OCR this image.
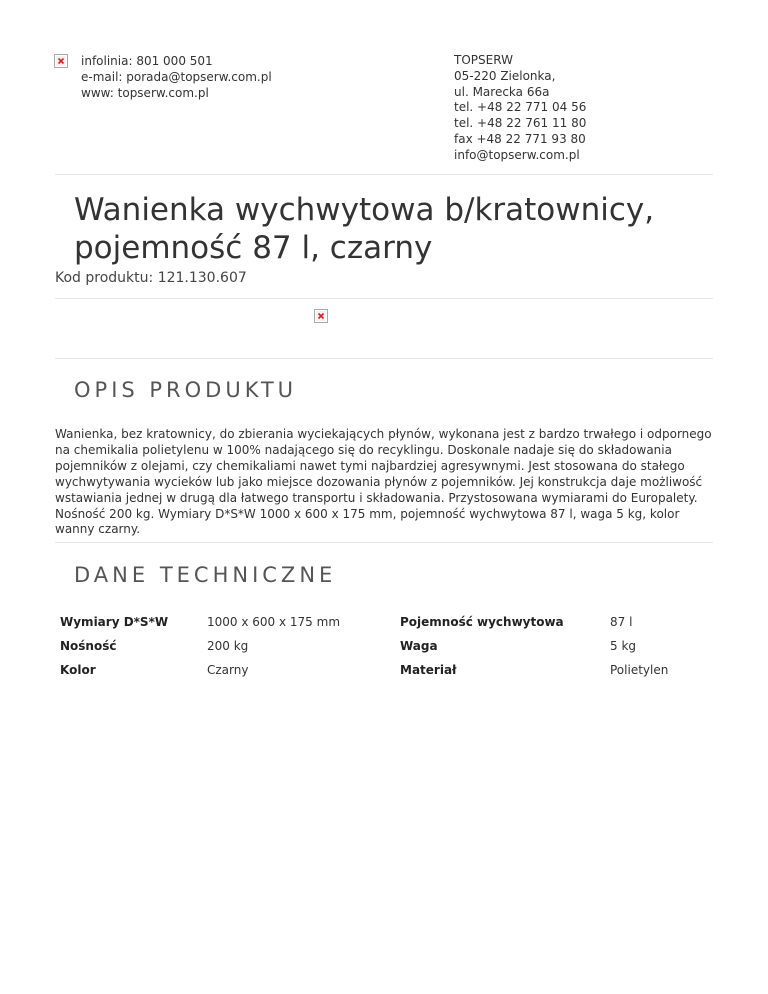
infolinia: 801 000 501
e-mail: porada@topserw.com.pl
www: topserw.com.pl
TOPSERW
05-220 Zielonka,
ul. Marecka 66a
tel. +48 22 771 04 56
tel. +48 22 761 11 80
fax +48 22 771 93 80
info@topserw.com.pl
Wanienka wychwytowa b/kratownicy,
pojemność 87 l, czarny
Kod produktu: 121.130.607
OPIS PRODUKTU

Wanienka, bez kratownicy, do zbierania wyciekających płynów, wykonana jest z bardzo trwałego i odpornego na chemikalia polietylenu w 100% nadającego się do recyklingu. Doskonale nadaje się do składowania pojemników z olejami, czy chemikaliami nawet tymi najbardziej agresywnymi. Jest stosowana do stałego wychwytywania wycieków lub jako miejsce dozowania płynów z pojemników. Jej konstrukcja daje możliwość wstawiania jednej w drugą dla łatwego transportu i składowania. Przystosowana wymiarami do Europalety. Nośność 200 kg. Wymiary D*S*W 1000 x 600 x 175 mm, pojemność wychwytowa 87 l, waga 5 kg, kolor wanny czarny.

DANE TECHNICZNE
Wymiary D*S*W	1000 x 600 x 175 mm	Pojemność wychwytowa	87 l
Nośność	200 kg	Waga	5 kg
Kolor	Czarny	Materiał	Polietylen
